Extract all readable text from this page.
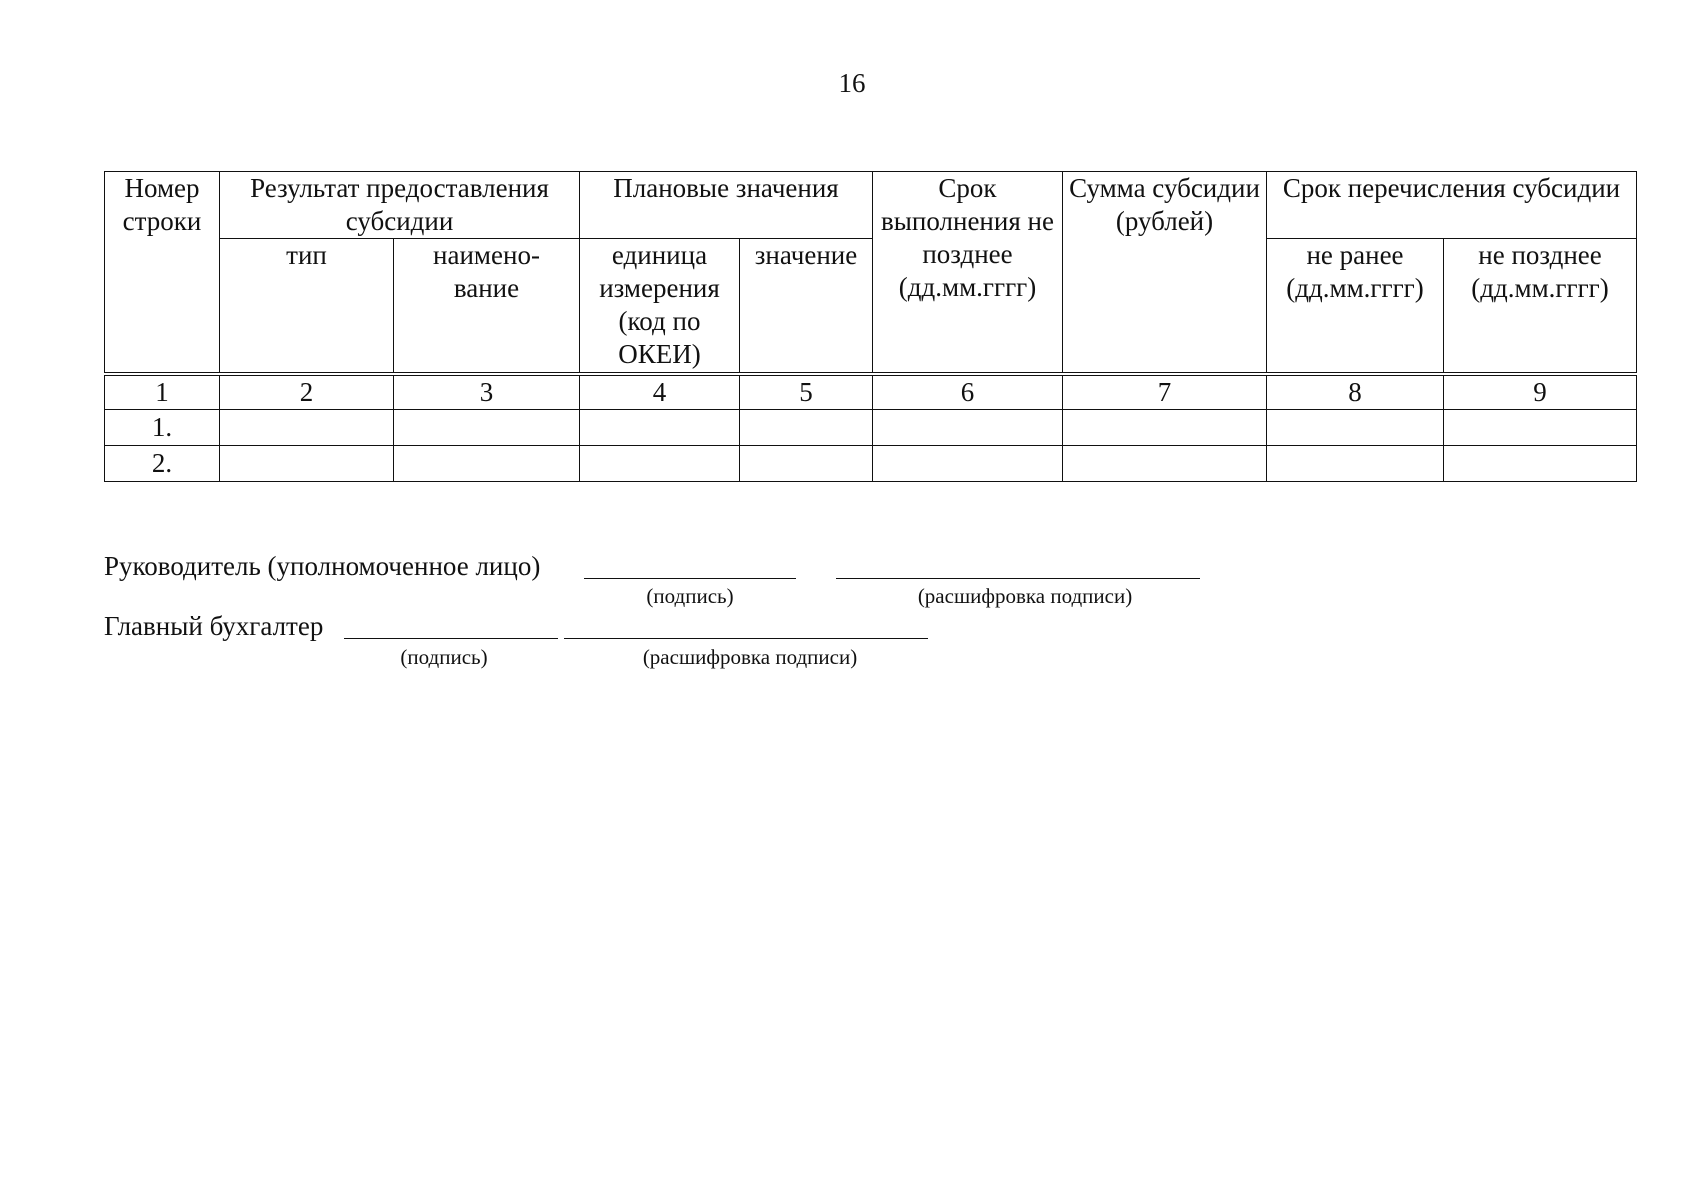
16
Номер строки	Результат предоставления субсидии		Плановые значения		Срок выполнения не позднее (дд.мм.гггг)	Сумма субсидии (рублей)	Срок перечисления субсидии	
	тип	наимено- вание	единица измерения (код по ОКЕИ)	значение			не ранее (дд.мм.гггг)	не позднее (дд.мм.гггг)
1	2	3	4	5	6	7	8	9
1.								
2.								
Руководитель (уполномоченное лицо)
(подпись)	(расшифровка подписи)
Главный бухгалтер
(подпись)	(расшифровка подписи)
